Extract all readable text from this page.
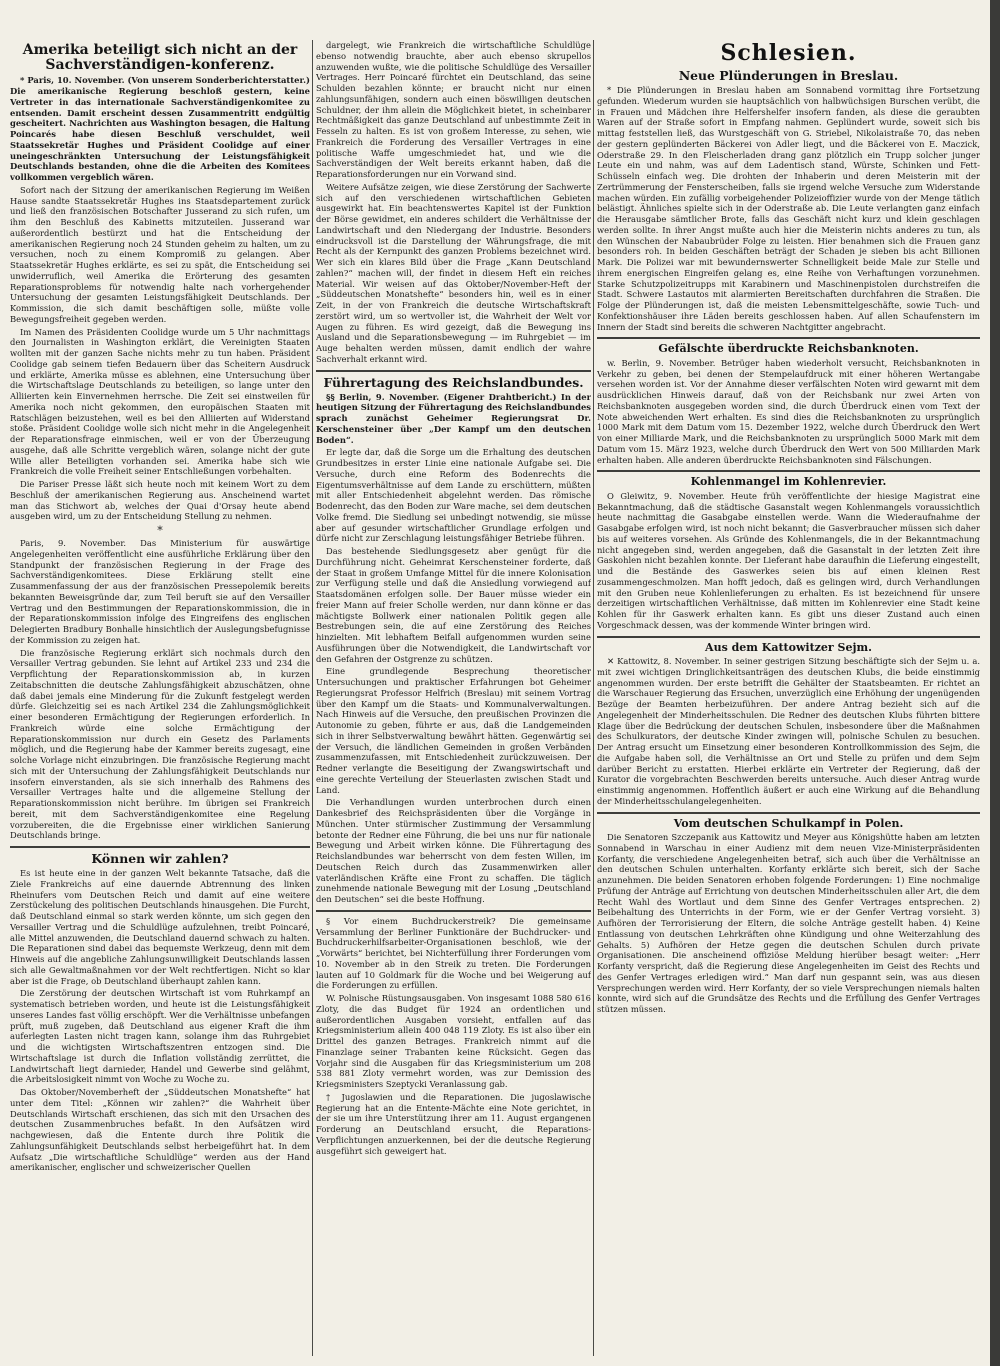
Amerika beteiligt sich nicht an der Sachverständigen-konferenz.

* Paris, 10. November. (Von unserem Sonderberichterstatter.) Die amerikanische Regierung beschloß gestern, keine Vertreter in das internationale Sachverständigenkomitee zu entsenden. Damit erscheint dessen Zusammentritt endgültig gescheitert. Nachrichten aus Washington besagen, die Haltung Poincarés habe diesen Beschluß verschuldet, weil Staatssekretär Hughes und Präsident Coolidge auf einer uneingeschränkten Untersuchung der Leistungsfähigkeit Deutschlands bestanden, ohne die die Arbeiten des Komitees vollkommen vergeblich wären.

Sofort nach der Sitzung der amerikanischen Regierung im Weißen Hause sandte Staatssekretär Hughes ins Staatsdepartement zurück und ließ den französischen Botschafter Jusserand zu sich rufen, um ihm den Beschluß des Kabinetts mitzuteilen. Jusserand war außerordentlich bestürzt und hat die Entscheidung der amerikanischen Regierung noch 24 Stunden geheim zu halten, um zu versuchen, noch zu einem Kompromiß zu gelangen. Aber Staatssekretär Hughes erklärte, es sei zu spät, die Entscheidung sei unwiderruflich, weil Amerika die Erörterung des gesamten Reparationsproblems für notwendig halte nach vorhergehender Untersuchung der gesamten Leistungsfähigkeit Deutschlands. Der Kommission, die sich damit beschäftigen solle, müßte volle Bewegungsfreiheit gegeben werden.

Im Namen des Präsidenten Coolidge wurde um 5 Uhr nachmittags den Journalisten in Washington erklärt, die Vereinigten Staaten wollten mit der ganzen Sache nichts mehr zu tun haben. Präsident Coolidge gab seinem tiefen Bedauern über das Scheitern Ausdruck und erklärte, Amerika müsse es ablehnen, eine Untersuchung über die Wirtschaftslage Deutschlands zu beteiligen, so lange unter den Alliierten kein Einvernehmen herrsche. Die Zeit sei einstweilen für Amerika noch nicht gekommen, den europäischen Staaten mit Ratschlägen beizustehen, weil es bei den Alliierten auf Widerstand stoße. Präsident Coolidge wolle sich nicht mehr in die Angelegenheit der Reparationsfrage einmischen, weil er von der Überzeugung ausgehe, daß alle Schritte vergeblich wären, solange nicht der gute Wille aller Beteiligten vorhanden sei. Amerika habe sich wie Frankreich die volle Freiheit seiner Entschließungen vorbehalten.

Die Pariser Presse läßt sich heute noch mit keinem Wort zu dem Beschluß der amerikanischen Regierung aus. Anscheinend wartet man das Stichwort ab, welches der Quai d'Orsay heute abend ausgeben wird, um zu der Entscheidung Stellung zu nehmen.

*

Paris, 9. November. Das Ministerium für auswärtige Angelegenheiten veröffentlicht eine ausführliche Erklärung über den Standpunkt der französischen Regierung in der Frage des Sachverständigenkomitees. Diese Erklärung stellt eine Zusammenfassung der aus der französischen Pressepolemik bereits bekannten Beweisgründe dar, zum Teil beruft sie auf den Versailler Vertrag und den Bestimmungen der Reparationskommission, die in der Reparationskommission infolge des Eingreifens des englischen Delegierten Bradbury Bonhalle hinsichtlich der Auslegungsbefugnisse der Kommission zu zeigen hat.

Die französische Regierung erklärt sich nochmals durch den Versailler Vertrag gebunden. Sie lehnt auf Artikel 233 und 234 die Verpflichtung der Reparationskommission ab, in kurzen Zeitabschnitten die deutsche Zahlungsfähigkeit abzuschätzen, ohne daß dabei jemals eine Minderung für die Zukunft festgelegt werden dürfe. Gleichzeitig sei es nach Artikel 234 die Zahlungsmöglichkeit einer besonderen Ermächtigung der Regierungen erforderlich. In Frankreich würde eine solche Ermächtigung der Reparationskommission nur durch ein Gesetz des Parlaments möglich, und die Regierung habe der Kammer bereits zugesagt, eine solche Vorlage nicht einzubringen. Die französische Regierung macht sich mit der Untersuchung der Zahlungsfähigkeit Deutschlands nur insofern einverstanden, als sie sich innerhalb des Rahmens des Versailler Vertrages halte und die allgemeine Stellung der Reparationskommission nicht berühre. Im übrigen sei Frankreich bereit, mit dem Sachverständigenkomitee eine Regelung vorzubereiten, die die Ergebnisse einer wirklichen Sanierung Deutschlands bringe.

Können wir zahlen?

Es ist heute eine in der ganzen Welt bekannte Tatsache, daß die Ziele Frankreichs auf eine dauernde Abtrennung des linken Rheinufers vom Deutschen Reich und damit auf eine weitere Zerstückelung des politischen Deutschlands hinausgehen. Die Furcht, daß Deutschland einmal so stark werden könnte, um sich gegen den Versailler Vertrag und die Schuldlüge aufzulehnen, treibt Poincaré, alle Mittel anzuwenden, die Deutschland dauernd schwach zu halten. Die Reparationen sind dabei das bequemste Werkzeug, denn mit dem Hinweis auf die angebliche Zahlungsunwilligkeit Deutschlands lassen sich alle Gewaltmaßnahmen vor der Welt rechtfertigen. Nicht so klar aber ist die Frage, ob Deutschland überhaupt zahlen kann.

Die Zerstörung der deutschen Wirtschaft ist vom Ruhrkampf an systematisch betrieben worden, und heute ist die Leistungsfähigkeit unseres Landes fast völlig erschöpft. Wer die Verhältnisse unbefangen prüft, muß zugeben, daß Deutschland aus eigener Kraft die ihm auferlegten Lasten nicht tragen kann, solange ihm das Ruhrgebiet und die wichtigsten Wirtschaftszentren entzogen sind. Die Wirtschaftslage ist durch die Inflation vollständig zerrüttet, die Landwirtschaft liegt darnieder, Handel und Gewerbe sind gelähmt, die Arbeitslosigkeit nimmt von Woche zu Woche zu.

Das Oktober/Novemberheft der „Süddeutschen Monatshefte“ hat unter dem Titel: „Können wir zahlen?“ die Wahrheit über Deutschlands Wirtschaft erschienen, das sich mit den Ursachen des deutschen Zusammenbruches befaßt. In den Aufsätzen wird nachgewiesen, daß die Entente durch ihre Politik die Zahlungsunfähigkeit Deutschlands selbst herbeigeführt hat. In dem Aufsatz „Die wirtschaftliche Schuldlüge“ werden aus der Hand amerikanischer, englischer und schweizerischer Quellen

dargelegt, wie Frankreich die wirtschaftliche Schuldlüge ebenso notwendig brauchte, aber auch ebenso skrupellos anzuwenden wußte, wie die politische Schuldlüge des Versailler Vertrages. Herr Poincaré fürchtet ein Deutschland, das seine Schulden bezahlen könnte; er braucht nicht nur einen zahlungsunfähigen, sondern auch einen böswilligen deutschen Schuldner, der ihm allein die Möglichkeit bietet, in scheinbarer Rechtmäßigkeit das ganze Deutschland auf unbestimmte Zeit in Fesseln zu halten. Es ist von großem Interesse, zu sehen, wie Frankreich die Forderung des Versailler Vertrages in eine politische Waffe umgeschmiedet hat, und wie die Sachverständigen der Welt bereits erkannt haben, daß die Reparationsforderungen nur ein Vorwand sind.

Weitere Aufsätze zeigen, wie diese Zerstörung der Sachwerte sich auf den verschiedenen wirtschaftlichen Gebieten ausgewirkt hat. Ein beachtenswertes Kapitel ist der Funktion der Börse gewidmet, ein anderes schildert die Verhältnisse der Landwirtschaft und den Niedergang der Industrie. Besonders eindrucksvoll ist die Darstellung der Währungsfrage, die mit Recht als der Kernpunkt des ganzen Problems bezeichnet wird. Wer sich ein klares Bild über die Frage „Kann Deutschland zahlen?“ machen will, der findet in diesem Heft ein reiches Material. Wir weisen auf das Oktober/November-Heft der „Süddeutschen Monatshefte“ besonders hin, weil es in einer Zeit, in der von Frankreich die deutsche Wirtschaftskraft zerstört wird, um so wertvoller ist, die Wahrheit der Welt vor Augen zu führen. Es wird gezeigt, daß die Bewegung ins Ausland und die Separationsbewegung — im Ruhrgebiet — im Auge behalten werden müssen, damit endlich der wahre Sachverhalt erkannt wird.

Führertagung des Reichslandbundes.

§§ Berlin, 9. November. (Eigener Drahtbericht.) In der heutigen Sitzung der Führertagung des Reichslandbundes sprach zunächst Geheimer Regierungsrat Dr. Kerschensteiner über „Der Kampf um den deutschen Boden“.

Er legte dar, daß die Sorge um die Erhaltung des deutschen Grundbesitzes in erster Linie eine nationale Aufgabe sei. Die Versuche, durch eine Reform des Bodenrechts die Eigentumsverhältnisse auf dem Lande zu erschüttern, müßten mit aller Entschiedenheit abgelehnt werden. Das römische Bodenrecht, das den Boden zur Ware mache, sei dem deutschen Volke fremd. Die Siedlung sei unbedingt notwendig, sie müsse aber auf gesunder wirtschaftlicher Grundlage erfolgen und dürfe nicht zur Zerschlagung leistungsfähiger Betriebe führen.

Das bestehende Siedlungsgesetz aber genügt für die Durchführung nicht. Geheimrat Kerschensteiner forderte, daß der Staat in großem Umfange Mittel für die innere Kolonisation zur Verfügung stelle und daß die Ansiedlung vorwiegend auf Staatsdomänen erfolgen solle. Der Bauer müsse wieder ein freier Mann auf freier Scholle werden, nur dann könne er das mächtigste Bollwerk einer nationalen Politik gegen alle Bestrebungen sein, die auf eine Zerstörung des Reiches hinzielten. Mit lebhaftem Beifall aufgenommen wurden seine Ausführungen über die Notwendigkeit, die Landwirtschaft vor den Gefahren der Ostgrenze zu schützen.

Eine grundlegende Besprechung theoretischer Untersuchungen und praktischer Erfahrungen bot Geheimer Regierungsrat Professor Helfrich (Breslau) mit seinem Vortrag über den Kampf um die Staats- und Kommunalverwaltungen. Nach Hinweis auf die Versuche, den preußischen Provinzen die Autonomie zu geben, führte er aus, daß die Landgemeinden sich in ihrer Selbstverwaltung bewährt hätten. Gegenwärtig sei der Versuch, die ländlichen Gemeinden in großen Verbänden zusammenzufassen, mit Entschiedenheit zurückzuweisen. Der Redner verlangte die Beseitigung der Zwangswirtschaft und eine gerechte Verteilung der Steuerlasten zwischen Stadt und Land.

Die Verhandlungen wurden unterbrochen durch einen Dankesbrief des Reichspräsidenten über die Vorgänge in München. Unter stürmischer Zustimmung der Versammlung betonte der Redner eine Führung, die bei uns nur für nationale Bewegung und Arbeit wirken könne. Die Führertagung des Reichslandbundes war beherrscht von dem festen Willen, im Deutschen Reich durch das Zusammenwirken aller vaterländischen Kräfte eine Front zu schaffen. Die täglich zunehmende nationale Bewegung mit der Losung „Deutschland den Deutschen“ sei die beste Hoffnung.

§ Vor einem Buchdruckerstreik? Die gemeinsame Versammlung der Berliner Funktionäre der Buchdrucker- und Buchdruckerhilfsarbeiter-Organisationen beschloß, wie der „Vorwärts“ berichtet, bei Nichterfüllung ihrer Forderungen vom 10. November ab in den Streik zu treten. Die Forderungen lauten auf 10 Goldmark für die Woche und bei Weigerung auf die Forderungen zu erfüllen.

W. Polnische Rüstungsausgaben. Von insgesamt 1088 580 616 Zloty, die das Budget für 1924 an ordentlichen und außerordentlichen Ausgaben vorsieht, entfallen auf das Kriegsministerium allein 400 048 119 Zloty. Es ist also über ein Drittel des ganzen Betrages. Frankreich nimmt auf die Finanzlage seiner Trabanten keine Rücksicht. Gegen das Vorjahr sind die Ausgaben für das Kriegsministerium um 208 538 881 Zloty vermehrt worden, was zur Demission des Kriegsministers Szeptycki Veranlassung gab.

† Jugoslawien und die Reparationen. Die jugoslawische Regierung hat an die Entente-Mächte eine Note gerichtet, in der sie um ihre Unterstützung ihrer am 11. August ergangenen Forderung an Deutschland ersucht, die Reparations-Verpflichtungen anzuerkennen, bei der die deutsche Regierung ausgeführt sich geweigert hat.

Schlesien.
Neue Plünderungen in Breslau.

* Die Plünderungen in Breslau haben am Sonnabend vormittag ihre Fortsetzung gefunden. Wiederum wurden sie hauptsächlich von halbwüchsigen Burschen verübt, die in Frauen und Mädchen ihre Helfershelfer insofern fanden, als diese die geraubten Waren auf der Straße sofort in Empfang nahmen. Geplündert wurde, soweit sich bis mittag feststellen ließ, das Wurstgeschäft von G. Striebel, Nikolaistraße 70, das neben der gestern geplünderten Bäckerei von Adler liegt, und die Bäckerei von E. Maczick, Oderstraße 29. In den Fleischerladen drang ganz plötzlich ein Trupp solcher junger Leute ein und nahm, was auf dem Ladentisch stand, Würste, Schinken und Fett-Schüsseln einfach weg. Die drohten der Inhaberin und deren Meisterin mit der Zertrümmerung der Fensterscheiben, falls sie irgend welche Versuche zum Widerstande machen würden. Ein zufällig vorbeigehender Polizeioffizier wurde von der Menge tätlich belästigt. Ähnliches spielte sich in der Oderstraße ab. Die Leute verlangten ganz einfach die Herausgabe sämtlicher Brote, falls das Geschäft nicht kurz und klein geschlagen werden sollte. In ihrer Angst mußte auch hier die Meisterin nichts anderes zu tun, als den Wünschen der Nabaubrüder Folge zu leisten. Hier benahmen sich die Frauen ganz besonders roh. In beiden Geschäften beträgt der Schaden je sieben bis acht Billionen Mark. Die Polizei war mit bewundernswerter Schnelligkeit beide Male zur Stelle und ihrem energischen Eingreifen gelang es, eine Reihe von Verhaftungen vorzunehmen. Starke Schutzpolizeitrupps mit Karabinern und Maschinenpistolen durchstreifen die Stadt. Schwere Lastautos mit alarmierten Bereitschaften durchfahren die Straßen. Die Folge der Plünderungen ist, daß die meisten Lebensmittelgeschäfte, sowie Tuch- und Konfektionshäuser ihre Läden bereits geschlossen haben. Auf allen Schaufenstern im Innern der Stadt sind bereits die schweren Nachtgitter angebracht.

Gefälschte überdruckte Reichsbanknoten.

w. Berlin, 9. November. Betrüger haben wiederholt versucht, Reichsbanknoten in Verkehr zu geben, bei denen der Stempelaufdruck mit einer höheren Wertangabe versehen worden ist. Vor der Annahme dieser verfälschten Noten wird gewarnt mit dem ausdrücklichen Hinweis darauf, daß von der Reichsbank nur zwei Arten von Reichsbanknoten ausgegeben worden sind, die durch Überdruck einen vom Text der Note abweichenden Wert erhalten. Es sind dies die Reichsbanknoten zu ursprünglich 1000 Mark mit dem Datum vom 15. Dezember 1922, welche durch Überdruck den Wert von einer Milliarde Mark, und die Reichsbanknoten zu ursprünglich 5000 Mark mit dem Datum vom 15. März 1923, welche durch Überdruck den Wert von 500 Milliarden Mark erhalten haben. Alle anderen überdruckte Reichsbanknoten sind Fälschungen.

Kohlenmangel im Kohlenrevier.

O Gleiwitz, 9. November. Heute früh veröffentlichte der hiesige Magistrat eine Bekanntmachung, daß die städtische Gasanstalt wegen Kohlenmangels voraussichtlich heute nachmittag die Gasabgabe einstellen werde. Wann die Wiederaufnahme der Gasabgabe erfolgen wird, ist noch nicht bekannt; die Gasverbraucher müssen sich daher bis auf weiteres vorsehen. Als Gründe des Kohlenmangels, die in der Bekanntmachung nicht angegeben sind, werden angegeben, daß die Gasanstalt in der letzten Zeit ihre Gaskohlen nicht bezahlen konnte. Der Lieferant habe daraufhin die Lieferung eingestellt, und die Bestände des Gaswerkes seien bis auf einen kleinen Rest zusammengeschmolzen. Man hofft jedoch, daß es gelingen wird, durch Verhandlungen mit den Gruben neue Kohlenlieferungen zu erhalten. Es ist bezeichnend für unsere derzeitigen wirtschaftlichen Verhältnisse, daß mitten im Kohlenrevier eine Stadt keine Kohlen für ihr Gaswerk erhalten kann. Es gibt uns dieser Zustand auch einen Vorgeschmack dessen, was der kommende Winter bringen wird.

Aus dem Kattowitzer Sejm.

✕ Kattowitz, 8. November. In seiner gestrigen Sitzung beschäftigte sich der Sejm u. a. mit zwei wichtigen Dringlichkeitsanträgen des deutschen Klubs, die beide einstimmig angenommen wurden. Der erste betrifft die Gehälter der Staatsbeamten. Er richtet an die Warschauer Regierung das Ersuchen, unverzüglich eine Erhöhung der ungenügenden Bezüge der Beamten herbeizuführen. Der andere Antrag bezieht sich auf die Angelegenheit der Minderheitsschulen. Die Redner des deutschen Klubs führten bittere Klage über die Bedrückung der deutschen Schulen, insbesondere über die Maßnahmen des Schulkurators, der deutsche Kinder zwingen will, polnische Schulen zu besuchen. Der Antrag ersucht um Einsetzung einer besonderen Kontrollkommission des Sejm, die die Aufgabe haben soll, die Verhältnisse an Ort und Stelle zu prüfen und dem Sejm darüber Bericht zu erstatten. Hierbei erklärte ein Vertreter der Regierung, daß der Kurator die vorgebrachten Beschwerden bereits untersuche. Auch dieser Antrag wurde einstimmig angenommen. Hoffentlich äußert er auch eine Wirkung auf die Behandlung der Minderheitsschulangelegenheiten.

Vom deutschen Schulkampf in Polen.

Die Senatoren Szczepanik aus Kattowitz und Meyer aus Königshütte haben am letzten Sonnabend in Warschau in einer Audienz mit dem neuen Vize-Ministerpräsidenten Korfanty, die verschiedene Angelegenheiten betraf, sich auch über die Verhältnisse an den deutschen Schulen unterhalten. Korfanty erklärte sich bereit, sich der Sache anzunehmen. Die beiden Senatoren erhoben folgende Forderungen: 1) Eine nochmalige Prüfung der Anträge auf Errichtung von deutschen Minderheitsschulen aller Art, die dem Recht Wahl des Wortlaut und dem Sinne des Genfer Vertrages entsprechen. 2) Beibehaltung des Unterrichts in der Form, wie er der Genfer Vertrag vorsieht. 3) Aufhören der Terrorisierung der Eltern, die solche Anträge gestellt haben. 4) Keine Entlassung von deutschen Lehrkräften ohne Kündigung und ohne Weiterzahlung des Gehalts. 5) Aufhören der Hetze gegen die deutschen Schulen durch private Organisationen. Die anscheinend offiziöse Meldung hierüber besagt weiter: „Herr Korfanty verspricht, daß die Regierung diese Angelegenheiten im Geist des Rechts und des Genfer Vertrages erledigen wird.“ Man darf nun gespannt sein, was aus diesen Versprechungen werden wird. Herr Korfanty, der so viele Versprechungen niemals halten konnte, wird sich auf die Grundsätze des Rechts und die Erfüllung des Genfer Vertrages stützen müssen.
